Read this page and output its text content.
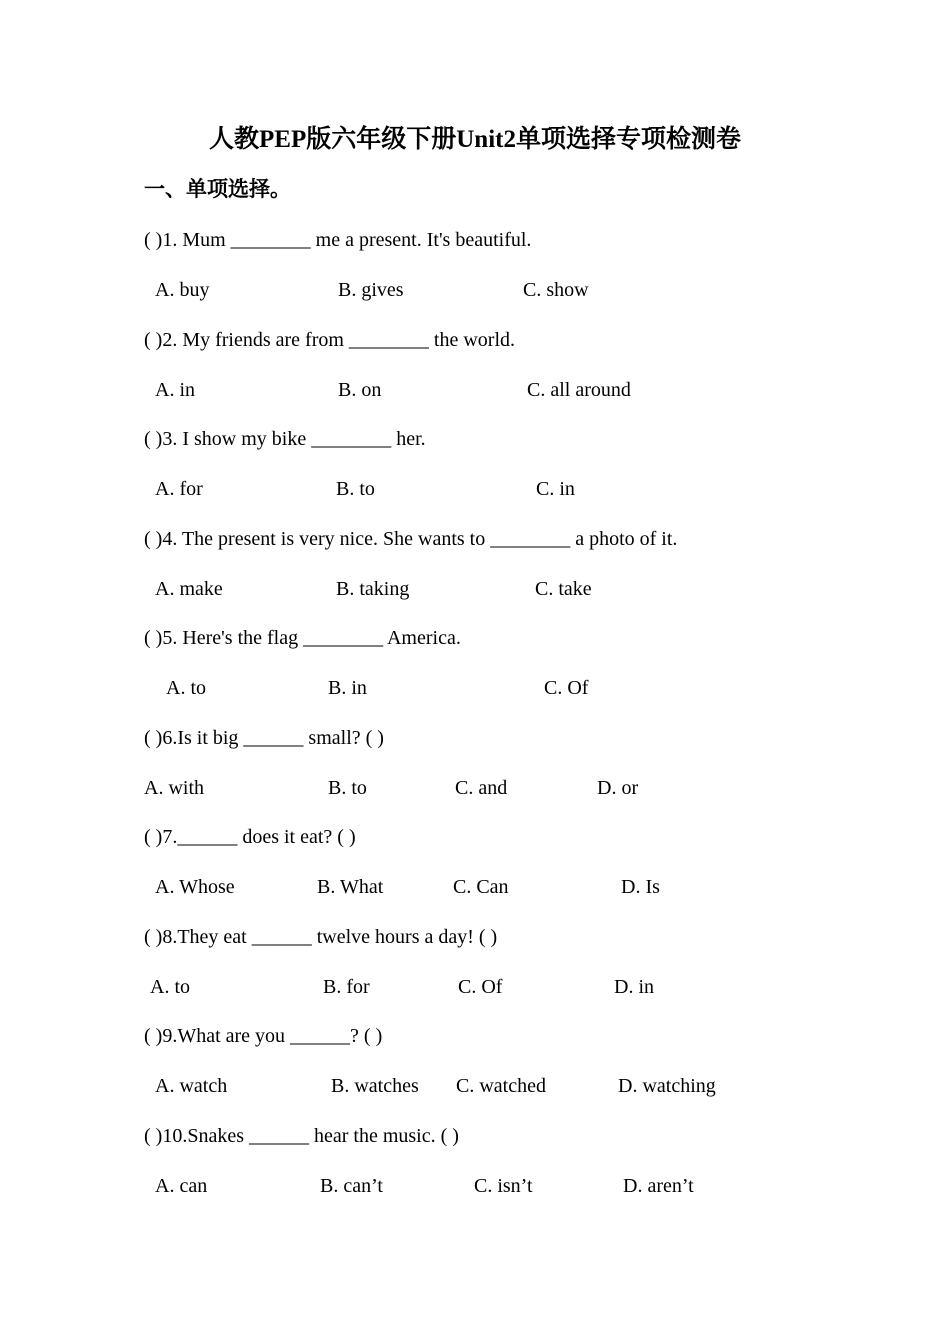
人教PEP版六年级下册Unit2单项选择专项检测卷
一、单项选择。
( )1. Mum ________ me a present. It's beautiful.
A. buy	B. gives	C. show
( )2. My friends are from ________ the world.
A. in	B. on	C. all around
( )3. I show my bike ________ her.
A. for	B. to	C. in
( )4. The present is very nice. She wants to ________ a photo of it.
A. make	B. taking	C. take
( )5. Here's the flag ________ America.
A. to	B. in	C. Of
( )6.Is it big ______ small? ( )
A. with	B. to	C. and	D. or
( )7.______ does it eat? ( )
A. Whose	B. What	C. Can	D. Is
( )8.They eat ______ twelve hours a day! ( )
A. to	B. for	C. Of	D. in
( )9.What are you ______? ( )
A. watch	B. watches C. watched	D. watching
( )10.Snakes ______ hear the music. ( )
A. can	B. can’t	C. isn’t	D. aren’t
